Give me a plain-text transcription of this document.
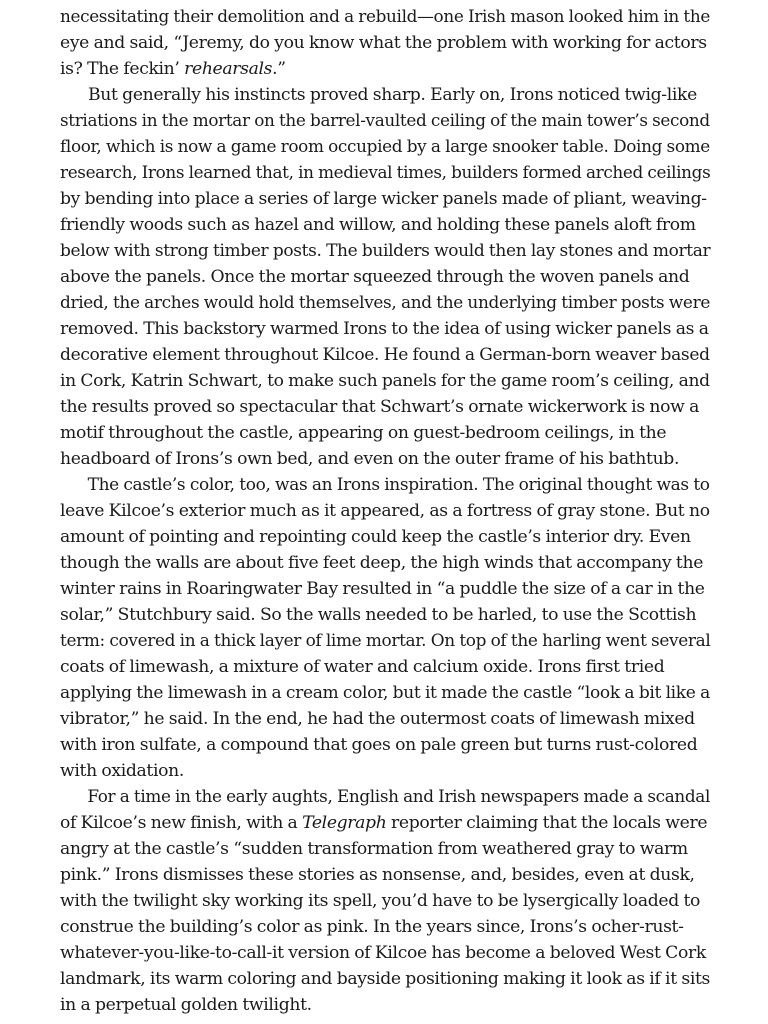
necessitating their demolition and a rebuild—one Irish mason looked him in the
eye and said, “Jeremy, do you know what the problem with working for actors
is? The feckin’ rehearsals.”
But generally his instincts proved sharp. Early on, Irons noticed twig-like
striations in the mortar on the barrel-vaulted ceiling of the main tower’s second
floor, which is now a game room occupied by a large snooker table. Doing some
research, Irons learned that, in medieval times, builders formed arched ceilings
by bending into place a series of large wicker panels made of pliant, weaving-
friendly woods such as hazel and willow, and holding these panels aloft from
below with strong timber posts. The builders would then lay stones and mortar
above the panels. Once the mortar squeezed through the woven panels and
dried, the arches would hold themselves, and the underlying timber posts were
removed. This backstory warmed Irons to the idea of using wicker panels as a
decorative element throughout Kilcoe. He found a German-born weaver based
in Cork, Katrin Schwart, to make such panels for the game room’s ceiling, and
the results proved so spectacular that Schwart’s ornate wickerwork is now a
motif throughout the castle, appearing on guest-bedroom ceilings, in the
headboard of Irons’s own bed, and even on the outer frame of his bathtub.
The castle’s color, too, was an Irons inspiration. The original thought was to
leave Kilcoe’s exterior much as it appeared, as a fortress of gray stone. But no
amount of pointing and repointing could keep the castle’s interior dry. Even
though the walls are about five feet deep, the high winds that accompany the
winter rains in Roaringwater Bay resulted in “a puddle the size of a car in the
solar,” Stutchbury said. So the walls needed to be harled, to use the Scottish
term: covered in a thick layer of lime mortar. On top of the harling went several
coats of limewash, a mixture of water and calcium oxide. Irons first tried
applying the limewash in a cream color, but it made the castle “look a bit like a
vibrator,” he said. In the end, he had the outermost coats of limewash mixed
with iron sulfate, a compound that goes on pale green but turns rust-colored
with oxidation.
For a time in the early aughts, English and Irish newspapers made a scandal
of Kilcoe’s new finish, with a Telegraph reporter claiming that the locals were
angry at the castle’s “sudden transformation from weathered gray to warm
pink.” Irons dismisses these stories as nonsense, and, besides, even at dusk,
with the twilight sky working its spell, you’d have to be lysergically loaded to
construe the building’s color as pink. In the years since, Irons’s ocher-rust-
whatever-you-like-to-call-it version of Kilcoe has become a beloved West Cork
landmark, its warm coloring and bayside positioning making it look as if it sits
in a perpetual golden twilight.
